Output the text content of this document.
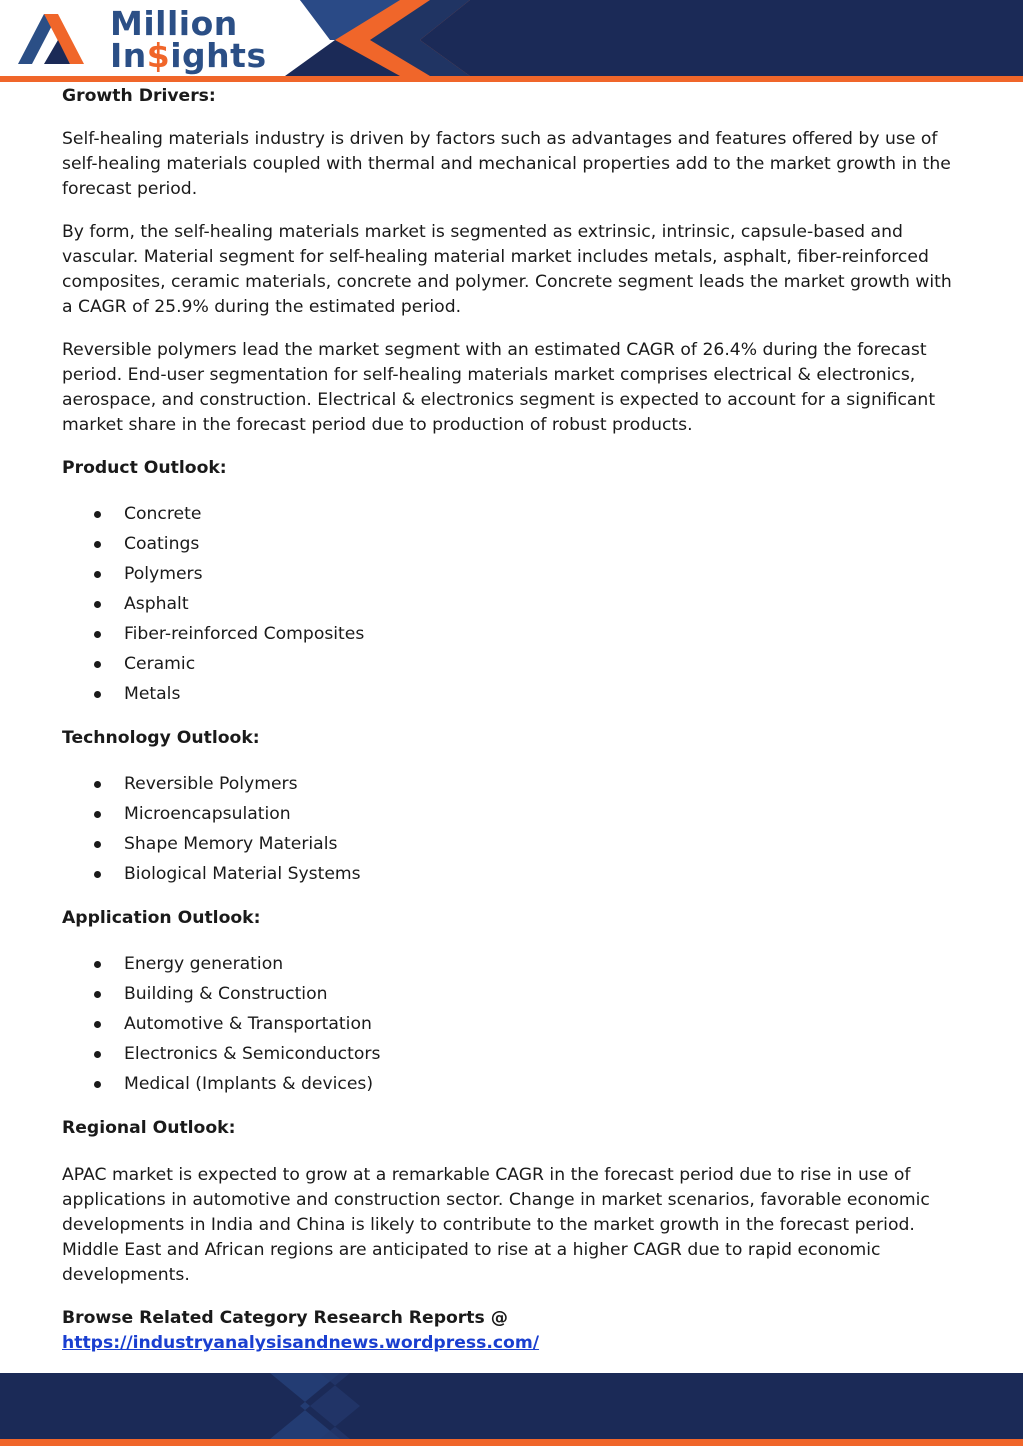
Million
In$ights

Growth Drivers:

Self-healing materials industry is driven by factors such as advantages and features offered by use of self-healing materials coupled with thermal and mechanical properties add to the market growth in the forecast period.

By form, the self-healing materials market is segmented as extrinsic, intrinsic, capsule-based and vascular. Material segment for self-healing material market includes metals, asphalt, fiber-reinforced composites, ceramic materials, concrete and polymer. Concrete segment leads the market growth with a CAGR of 25.9% during the estimated period.

Reversible polymers lead the market segment with an estimated CAGR of 26.4% during the forecast period. End-user segmentation for self-healing materials market comprises electrical & electronics, aerospace, and construction. Electrical & electronics segment is expected to account for a significant market share in the forecast period due to production of robust products.

Product Outlook:

Concrete
Coatings
Polymers
Asphalt
Fiber-reinforced Composites
Ceramic
Metals

Technology Outlook:

Reversible Polymers
Microencapsulation
Shape Memory Materials
Biological Material Systems

Application Outlook:

Energy generation
Building & Construction
Automotive & Transportation
Electronics & Semiconductors
Medical (Implants & devices)

Regional Outlook:

APAC market is expected to grow at a remarkable CAGR in the forecast period due to rise in use of applications in automotive and construction sector. Change in market scenarios, favorable economic developments in India and China is likely to contribute to the market growth in the forecast period. Middle East and African regions are anticipated to rise at a higher CAGR due to rapid economic developments.

Browse Related Category Research Reports @ https://industryanalysisandnews.wordpress.com/
